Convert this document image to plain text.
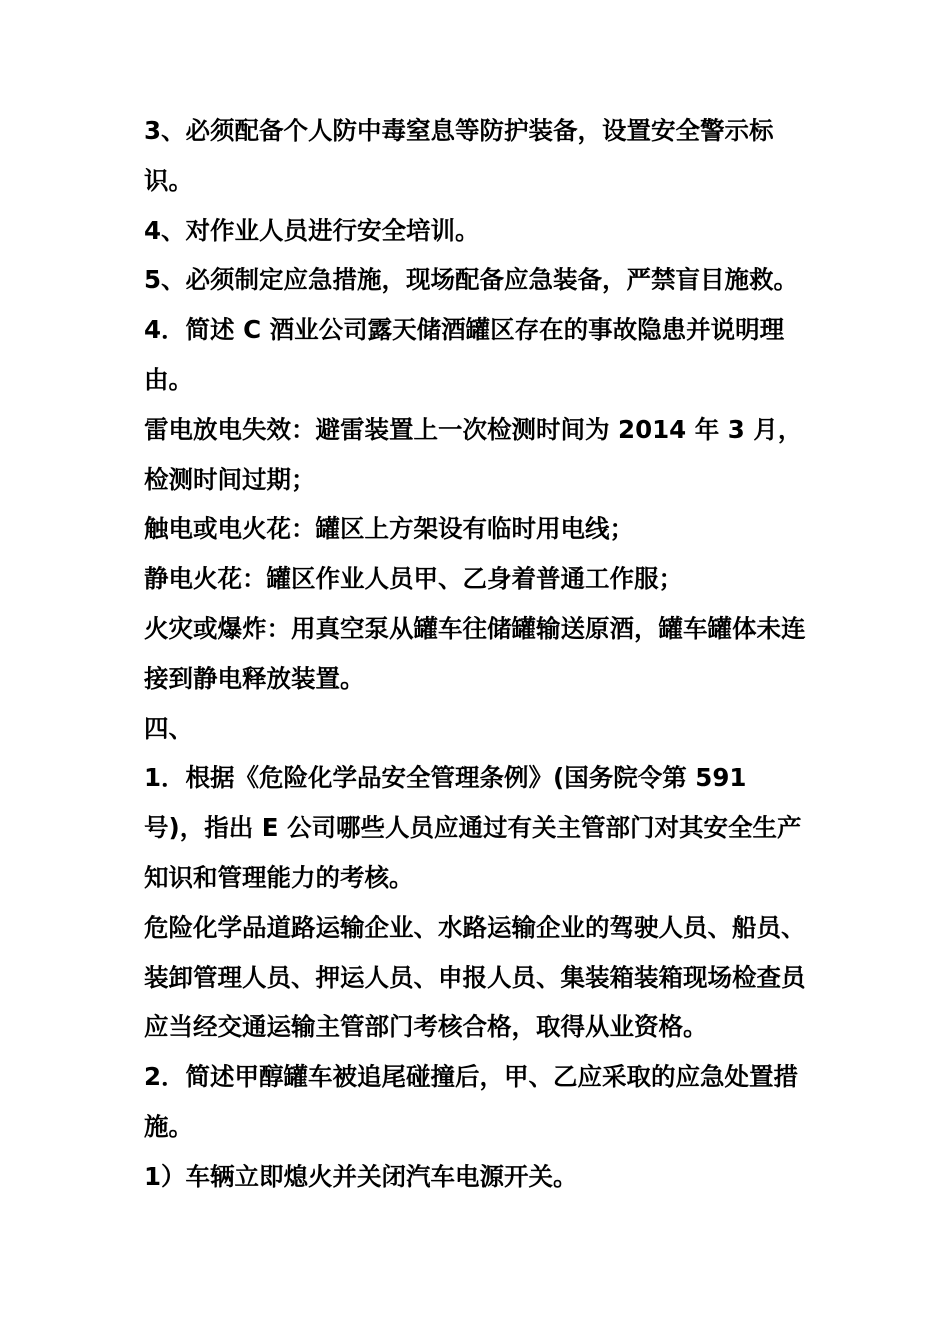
3、必须配备个人防中毒窒息等防护装备，设置安全警示标识。

4、对作业人员进行安全培训。

5、必须制定应急措施，现场配备应急装备，严禁盲目施救。

4．简述 C 酒业公司露天储酒罐区存在的事故隐患并说明理由。

雷电放电失效：避雷装置上一次检测时间为 2014 年 3 月，检测时间过期；

触电或电火花：罐区上方架设有临时用电线；

静电火花：罐区作业人员甲、乙身着普通工作服；

火灾或爆炸：用真空泵从罐车往储罐输送原酒，罐车罐体未连接到静电释放装置。

四、

1．根据《危险化学品安全管理条例》(国务院令第 591 号)，指出 E 公司哪些人员应通过有关主管部门对其安全生产知识和管理能力的考核。

危险化学品道路运输企业、水路运输企业的驾驶人员、船员、装卸管理人员、押运人员、申报人员、集装箱装箱现场检查员应当经交通运输主管部门考核合格，取得从业资格。

2．简述甲醇罐车被追尾碰撞后，甲、乙应采取的应急处置措施。

1）车辆立即熄火并关闭汽车电源开关。
